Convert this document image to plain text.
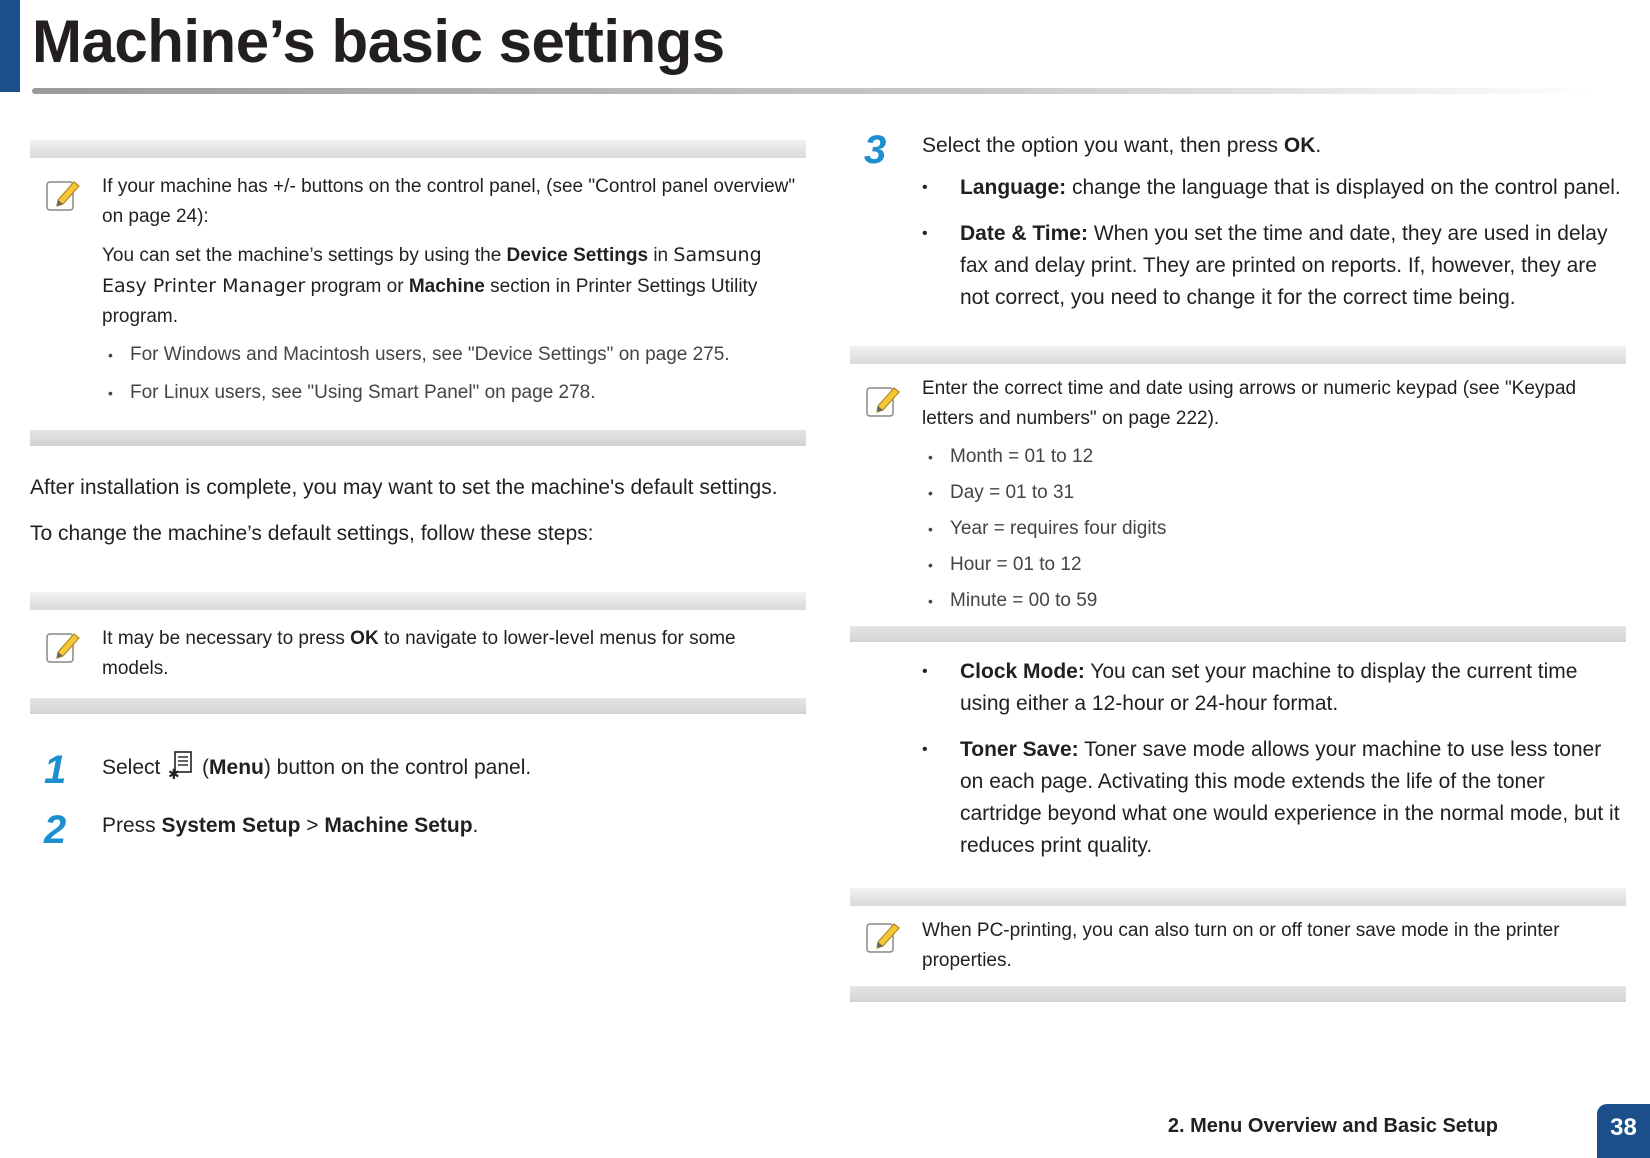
Machine’s basic settings

If your machine has +/- buttons on the control panel, (see "Control panel overview" on page 24):

You can set the machine’s settings by using the Device Settings in Samsung Easy Printer Manager program or Machine section in Printer Settings Utility program.

• For Windows and Macintosh users, see "Device Settings" on page 275.
• For Linux users, see "Using Smart Panel" on page 278.

After installation is complete, you may want to set the machine's default settings.

To change the machine’s default settings, follow these steps:

It may be necessary to press OK to navigate to lower-level menus for some models.

1 Select ✱ (Menu) button on the control panel.
2 Press System Setup > Machine Setup.
3 Select the option you want, then press OK.
• Language: change the language that is displayed on the control panel.
• Date & Time: When you set the time and date, they are used in delay fax and delay print. They are printed on reports. If, however, they are not correct, you need to change it for the correct time being.

Enter the correct time and date using arrows or numeric keypad (see "Keypad letters and numbers" on page 222).

• Month = 01 to 12
• Day = 01 to 31
• Year = requires four digits
• Hour = 01 to 12
• Minute = 00 to 59
• Clock Mode: You can set your machine to display the current time using either a 12-hour or 24-hour format.
• Toner Save: Toner save mode allows your machine to use less toner on each page. Activating this mode extends the life of the toner cartridge beyond what one would experience in the normal mode, but it reduces print quality.

When PC-printing, you can also turn on or off toner save mode in the printer properties.

2. Menu Overview and Basic Setup	38
